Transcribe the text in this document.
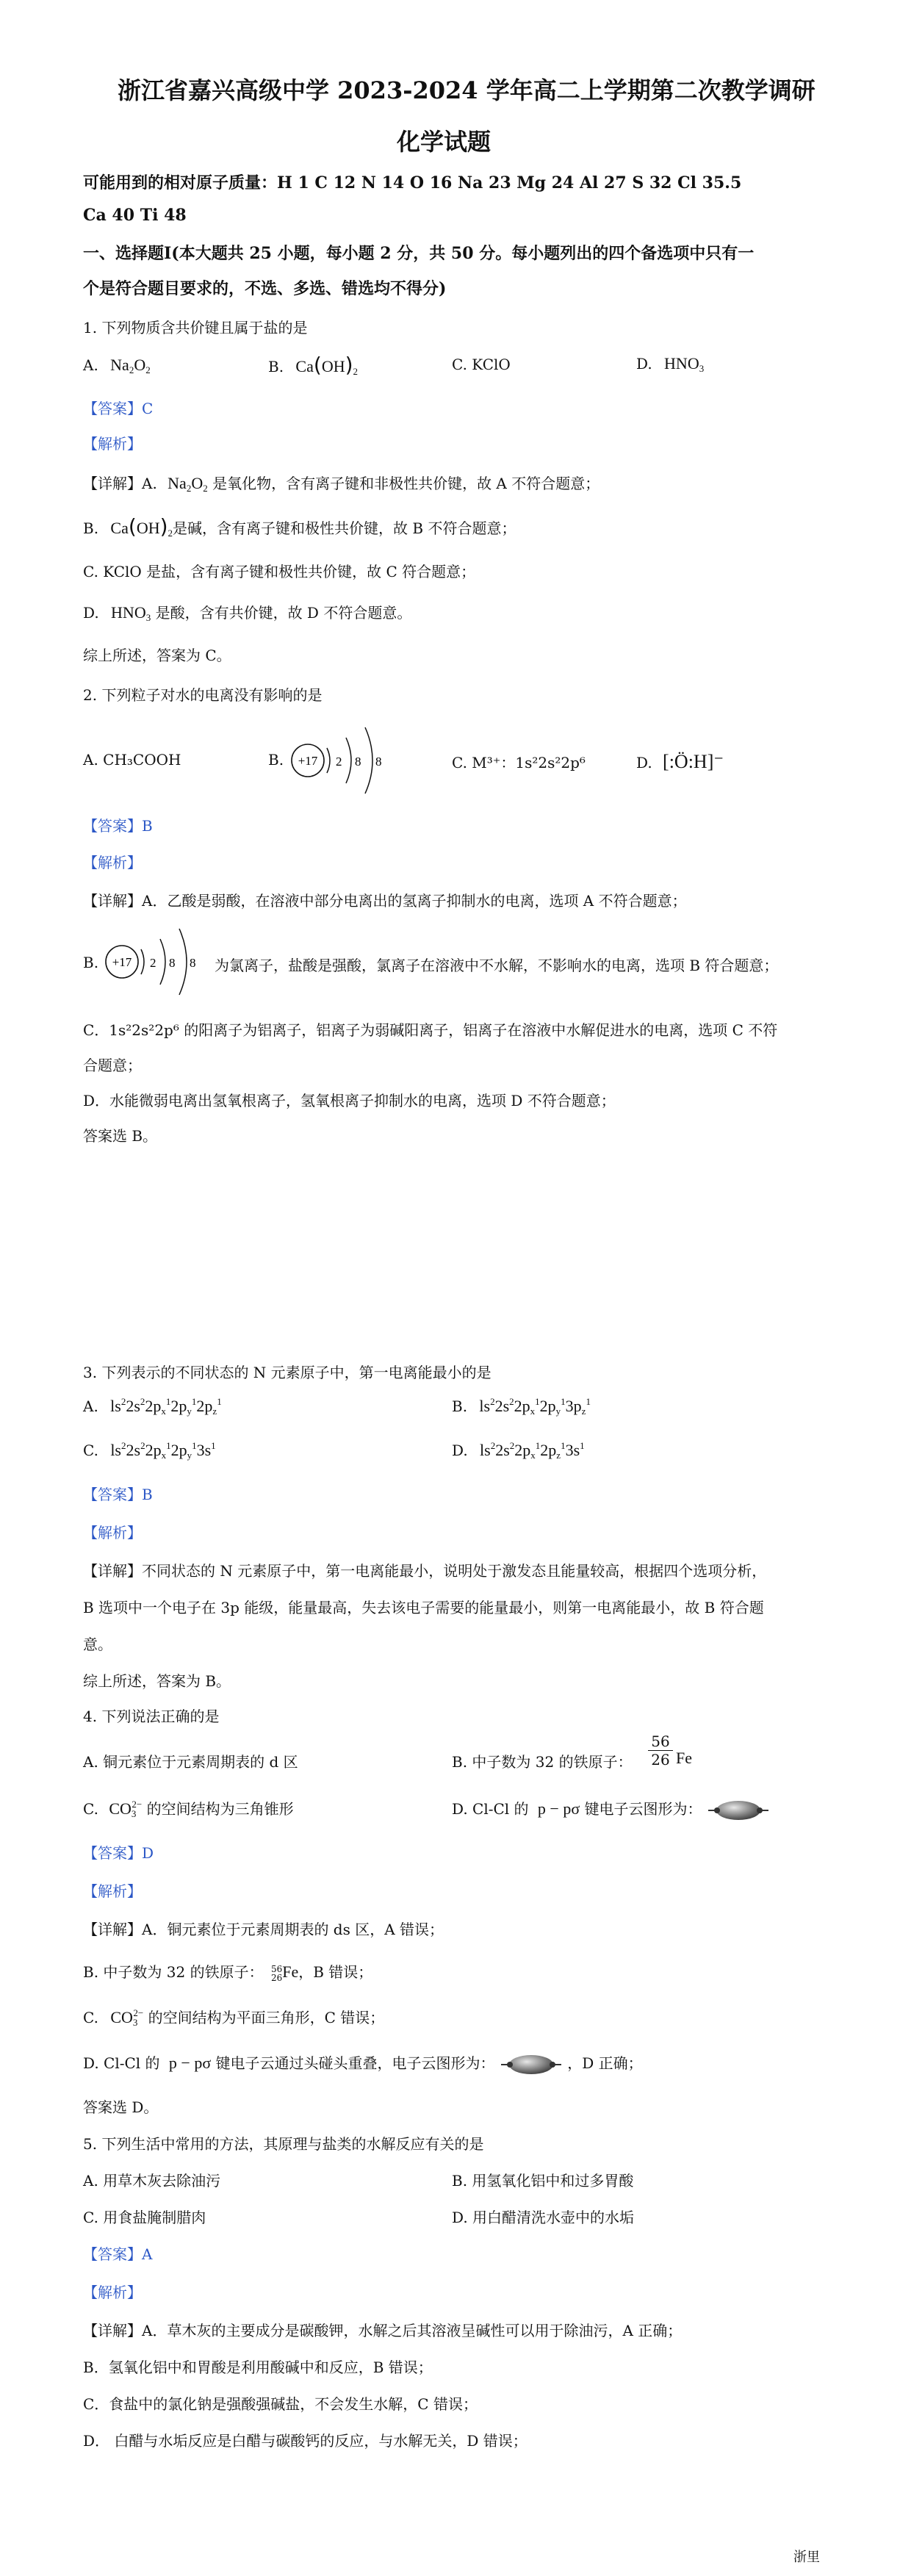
浙江省嘉兴高级中学 2023-2024 学年高二上学期第二次教学调研
化学试题
可能用到的相对原子质量：H 1 C 12 N 14 O 16 Na 23 Mg 24 Al 27 S 32 Cl 35.5
Ca 40 Ti 48
一、选择题Ⅰ(本大题共 25 小题，每小题 2 分，共 50 分。每小题列出的四个备选项中只有一
个是符合题目要求的，不选、多选、错选均不得分)
1. 下列物质含共价键且属于盐的是
A. $Na_2O_2$	B. $Ca(OH)_2$	C. KClO	D. $HNO_3$
【答案】C
【解析】
【详解】A. $Na_2O_2$ 是氧化物，含有离子键和非极性共价键，故 A 不符合题意；
B. $Ca(OH)_2$是碱，含有离子键和极性共价键，故 B 不符合题意；
C. KClO 是盐，含有离子键和极性共价键，故 C 符合题意；
D. $HNO_3$ 是酸，含有共价键，故 D 不符合题意。
综上所述，答案为 C。
2. 下列粒子对水的电离没有影响的是
A. CH₃COOH	B. +17 2 8 8	C. M³⁺：1s²2s²2p⁶	D. [:Ö:H]⁻
【答案】B
【解析】
【详解】A．乙酸是弱酸，在溶液中部分电离出的氢离子抑制水的电离，选项 A 不符合题意；
B. +17 2 8 8 为氯离子，盐酸是强酸，氯离子在溶液中不水解，不影响水的电离，选项 B 符合题意；
C．1s²2s²2p⁶ 的阳离子为铝离子，铝离子为弱碱阳离子，铝离子在溶液中水解促进水的电离，选项 C 不符
合题意；
D．水能微弱电离出氢氧根离子，氢氧根离子抑制水的电离，选项 D 不符合题意；
答案选 B。
3. 下列表示的不同状态的 N 元素原子中，第一电离能最小的是
A. $ls^22s^22p_x^12p_y^12p_z^1$	B. $ls^22s^22p_x^12p_y^13p_z^1$
C. $ls^22s^22p_x^12p_y^13s^1$	D. $ls^22s^22p_x^12p_z^13s^1$
【答案】B
【解析】
【详解】不同状态的 N 元素原子中，第一电离能最小，说明处于激发态且能量较高，根据四个选项分析，
B 选项中一个电子在 3p 能级，能量最高，失去该电子需要的能量最小，则第一电离能最小，故 B 符合题
意。
综上所述，答案为 B。
4. 下列说法正确的是
A. 铜元素位于元素周期表的 d 区	B. 中子数为 32 的铁原子：
56
26 Fe
C. $CO_3^{2-}$ 的空间结构为三角锥形	D. Cl-Cl 的 p − pσ 键电子云图形为：
【答案】D
【解析】
【详解】A．铜元素位于元素周期表的 ds 区，A 错误；
B. 中子数为 32 的铁原子： 56
26Fe，B 错误；
C. $CO_3^{2-}$ 的空间结构为平面三角形，C 错误；
D. Cl-Cl 的 p − pσ 键电子云通过头碰头重叠，电子云图形为：	，D 正确；
答案选 D。
5. 下列生活中常用的方法，其原理与盐类的水解反应有关的是
A. 用草木灰去除油污	B. 用氢氧化铝中和过多胃酸
C. 用食盐腌制腊肉	D. 用白醋清洗水壶中的水垢
【答案】A
【解析】
【详解】A．草木灰的主要成分是碳酸钾，水解之后其溶液呈碱性可以用于除油污，A 正确；
B．氢氧化铝中和胃酸是利用酸碱中和反应，B 错误；
C．食盐中的氯化钠是强酸强碱盐，不会发生水解，C 错误；
D． 白醋与水垢反应是白醋与碳酸钙的反应，与水解无关，D 错误；
浙里
